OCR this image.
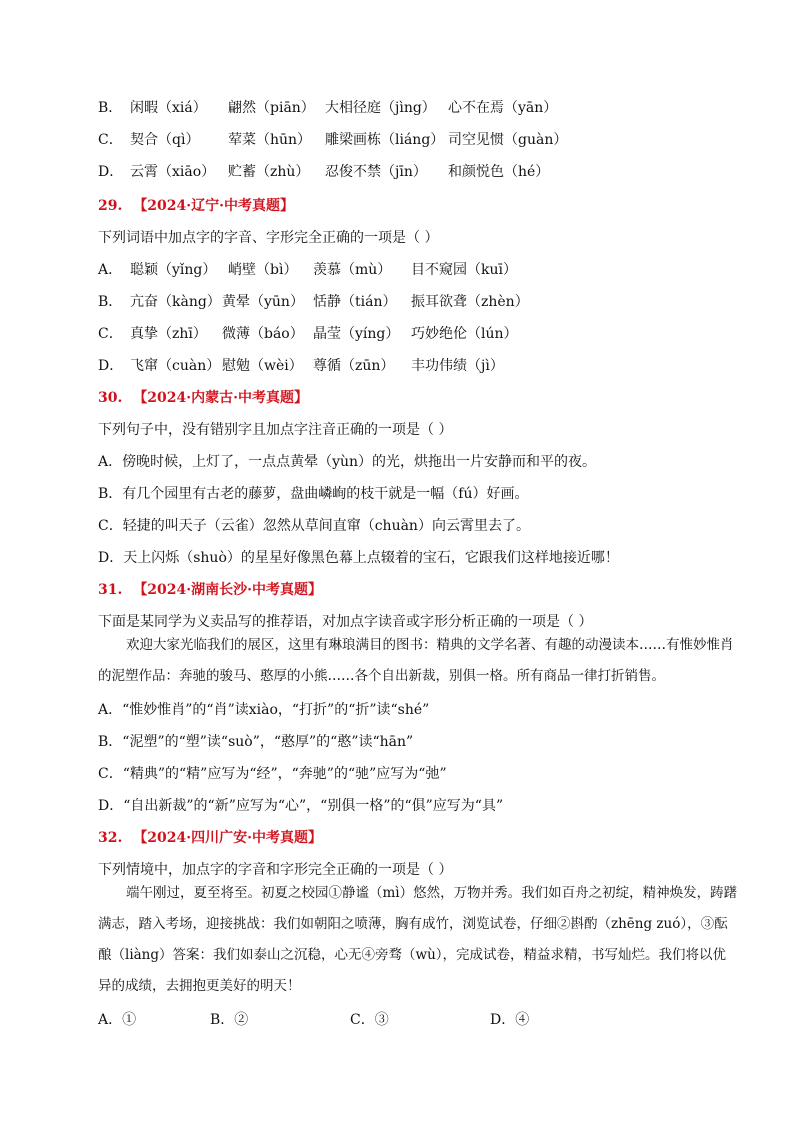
B． 闲暇（xiá） 翩然（piān） 大相径庭（jìng） 心不在焉（yān）
C． 契合（qì） 荤菜（hūn） 雕梁画栋（liáng） 司空见惯（guàn）
D． 云霄（xiāo） 贮蓄（zhù） 忍俊不禁（jīn） 和颜悦色（hé）
29. 【2024·辽宁·中考真题】
下列词语中加点字的字音、字形完全正确的一项是（ ）
A． 聪颖（yǐng） 峭壁（bì） 羡慕（mù） 目不窥园（kuī）
B． 亢奋（kàng） 黄晕（yūn） 恬静（tián） 振耳欲聋（zhèn）
C． 真挚（zhī） 微薄（báo） 晶莹（yíng） 巧妙绝伦（lún）
D． 飞窜（cuàn） 慰勉（wèi） 尊循（zūn） 丰功伟绩（jì）
30. 【2024·内蒙古·中考真题】
下列句子中，没有错别字且加点字注音正确的一项是（ ）
A．傍晚时候，上灯了，一点点黄晕（yùn）的光，烘拖出一片安静而和平的夜。
B．有几个园里有古老的藤萝，盘曲嶙峋的枝干就是一幅（fú）好画。
C．轻捷的叫天子（云雀）忽然从草间直窜（chuàn）向云霄里去了。
D．天上闪烁（shuò）的星星好像黑色幕上点辍着的宝石，它跟我们这样地接近哪！
31. 【2024·湖南长沙·中考真题】
下面是某同学为义卖品写的推荐语，对加点字读音或字形分析正确的一项是（ ）
欢迎大家光临我们的展区，这里有琳琅满目的图书：精典的文学名著、有趣的动漫读本……有惟妙惟肖的泥塑作品：奔驰的骏马、憨厚的小熊……各个自出新裁，别俱一格。所有商品一律打折销售。
A．“惟妙惟肖”的“肖”读xiào，“打折”的“折”读“shé”
B．“泥塑”的“塑”读“suò”，“憨厚”的“憨”读“hān”
C．“精典”的“精”应写为“经”，“奔驰”的“驰”应写为“弛”
D．“自出新裁”的“新”应写为“心”，“别俱一格”的“俱”应写为“具”
32. 【2024·四川广安·中考真题】
下列情境中，加点字的字音和字形完全正确的一项是（ ）
端午刚过，夏至将至。初夏之校园①静谧（mì）悠然，万物并秀。我们如百舟之初绽，精神焕发，踌躇满志，踏入考场，迎接挑战：我们如朝阳之喷薄，胸有成竹，浏览试卷，仔细②斟酌（zhēng zuó），③酝酿（liàng）答案：我们如泰山之沉稳，心无④旁骛（wù），完成试卷，精益求精，书写灿烂。我们将以优异的成绩，去拥抱更美好的明天！
A．①	B．②	C．③	D．④
